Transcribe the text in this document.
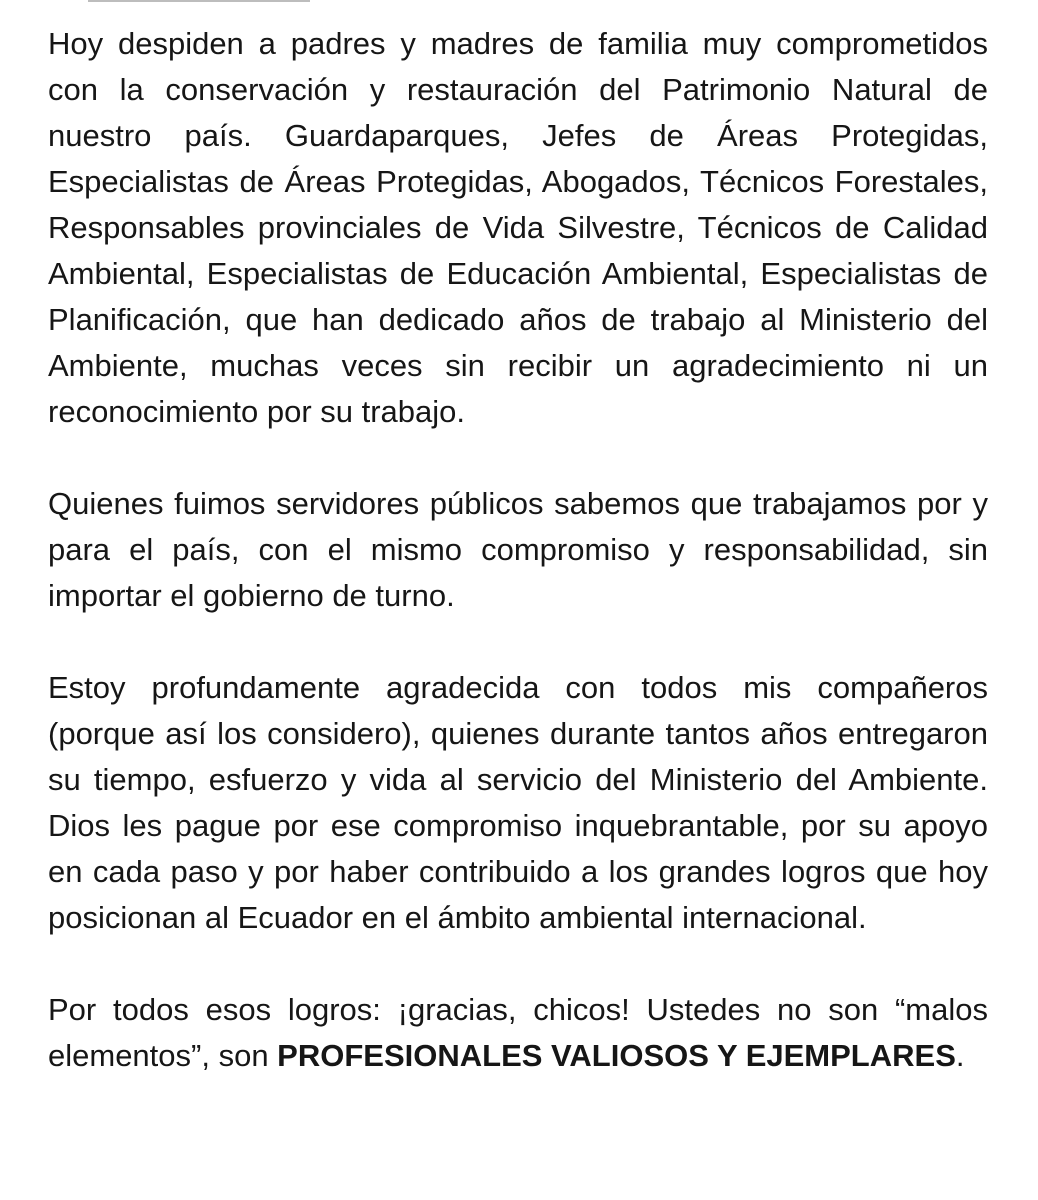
Hoy despiden a padres y madres de familia muy comprometidos con la conservación y restauración del Patrimonio Natural de nuestro país. Guardaparques, Jefes de Áreas Protegidas, Especialistas de Áreas Protegidas, Abogados, Técnicos Forestales, Responsables provinciales de Vida Silvestre, Técnicos de Calidad Ambiental, Especialistas de Educación Ambiental, Especialistas de Planificación, que han dedicado años de trabajo al Ministerio del Ambiente, muchas veces sin recibir un agradecimiento ni un reconocimiento por su trabajo.

Quienes fuimos servidores públicos sabemos que trabajamos por y para el país, con el mismo compromiso y responsabilidad, sin importar el gobierno de turno.

Estoy profundamente agradecida con todos mis compañeros (porque así los considero), quienes durante tantos años entregaron su tiempo, esfuerzo y vida al servicio del Ministerio del Ambiente. Dios les pague por ese compromiso inquebrantable, por su apoyo en cada paso y por haber contribuido a los grandes logros que hoy posicionan al Ecuador en el ámbito ambiental internacional.

Por todos esos logros: ¡gracias, chicos! Ustedes no son “malos elementos”, son PROFESIONALES VALIOSOS Y EJEMPLARES.
